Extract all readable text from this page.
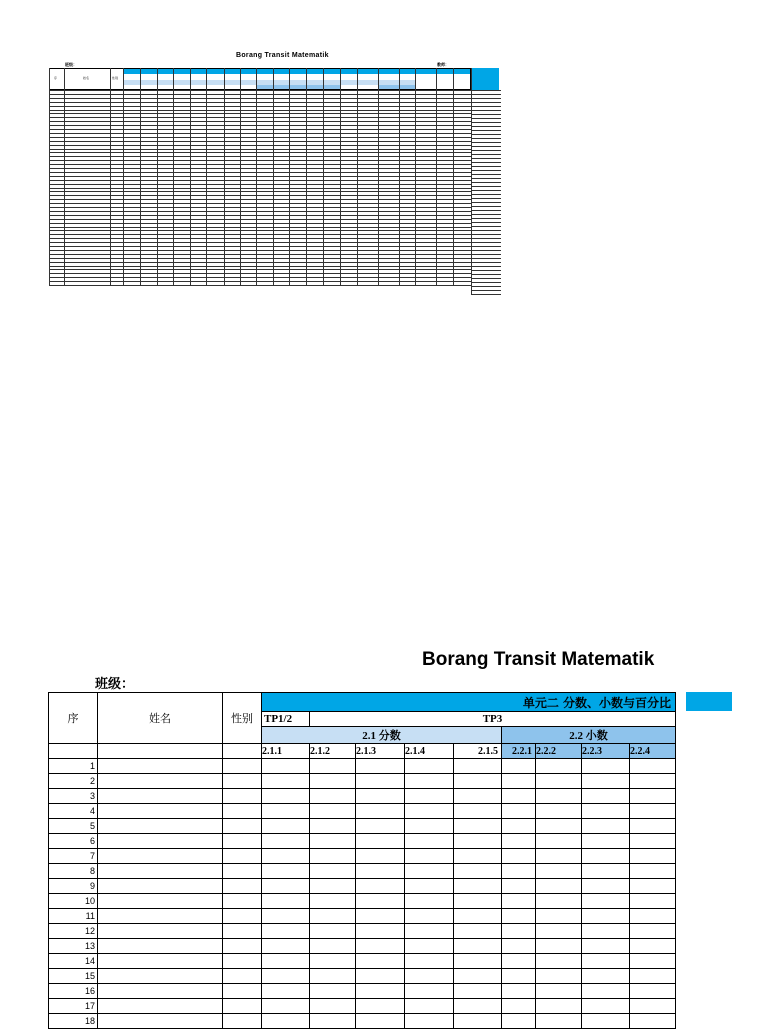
Borang Transit Matematik
班级：	教师：
序	姓名	性别
Borang Transit Matematik
班级：
序	姓名	性别	单元二 分数、小数与百分比								
			TP1/2	TP3							
			2.1 分数					2.2 小数			
			2.1.1	2.1.2	2.1.3	2.1.4	2.1.5	2.2.1	2.2.2	2.2.3	2.2.4
1											
2											
3											
4											
5											
6											
7											
8											
9											
10											
11											
12											
13											
14											
15											
16											
17											
18											
